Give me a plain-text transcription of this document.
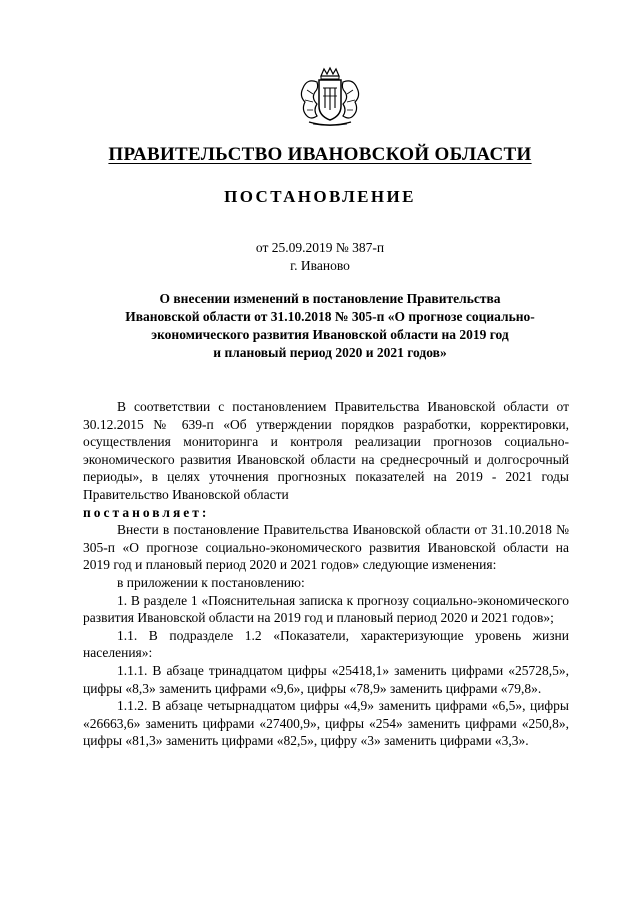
ПРАВИТЕЛЬСТВО ИВАНОВСКОЙ ОБЛАСТИ
ПОСТАНОВЛЕНИЕ
от 25.09.2019 № 387-п
г. Иваново
О внесении изменений в постановление Правительства
Ивановской области от 31.10.2018 № 305-п «О прогнозе социально-
экономического развития Ивановской области на 2019 год
и плановый период 2020 и 2021 годов»

В соответствии с постановлением Правительства Ивановской области от 30.12.2015 № 639-п «Об утверждении порядков разработки, корректировки, осуществления мониторинга и контроля реализации прогнозов социально-экономического развития Ивановской области на среднесрочный и долгосрочный периоды», в целях уточнения прогнозных показателей на 2019 - 2021 годы Правительство Ивановской области
постановляет:

Внести в постановление Правительства Ивановской области от 31.10.2018 № 305-п «О прогнозе социально-экономического развития Ивановской области на 2019 год и плановый период 2020 и 2021 годов» следующие изменения:

в приложении к постановлению:

1. В разделе 1 «Пояснительная записка к прогнозу социально-экономического развития Ивановской области на 2019 год и плановый период 2020 и 2021 годов»;

1.1. В подразделе 1.2 «Показатели, характеризующие уровень жизни населения»:

1.1.1. В абзаце тринадцатом цифры «25418,1» заменить цифрами «25728,5», цифры «8,3» заменить цифрами «9,6», цифры «78,9» заменить цифрами «79,8».

1.1.2. В абзаце четырнадцатом цифры «4,9» заменить цифрами «6,5», цифры «26663,6» заменить цифрами «27400,9», цифры «254» заменить цифрами «250,8», цифры «81,3» заменить цифрами «82,5», цифру «3» заменить цифрами «3,3».
